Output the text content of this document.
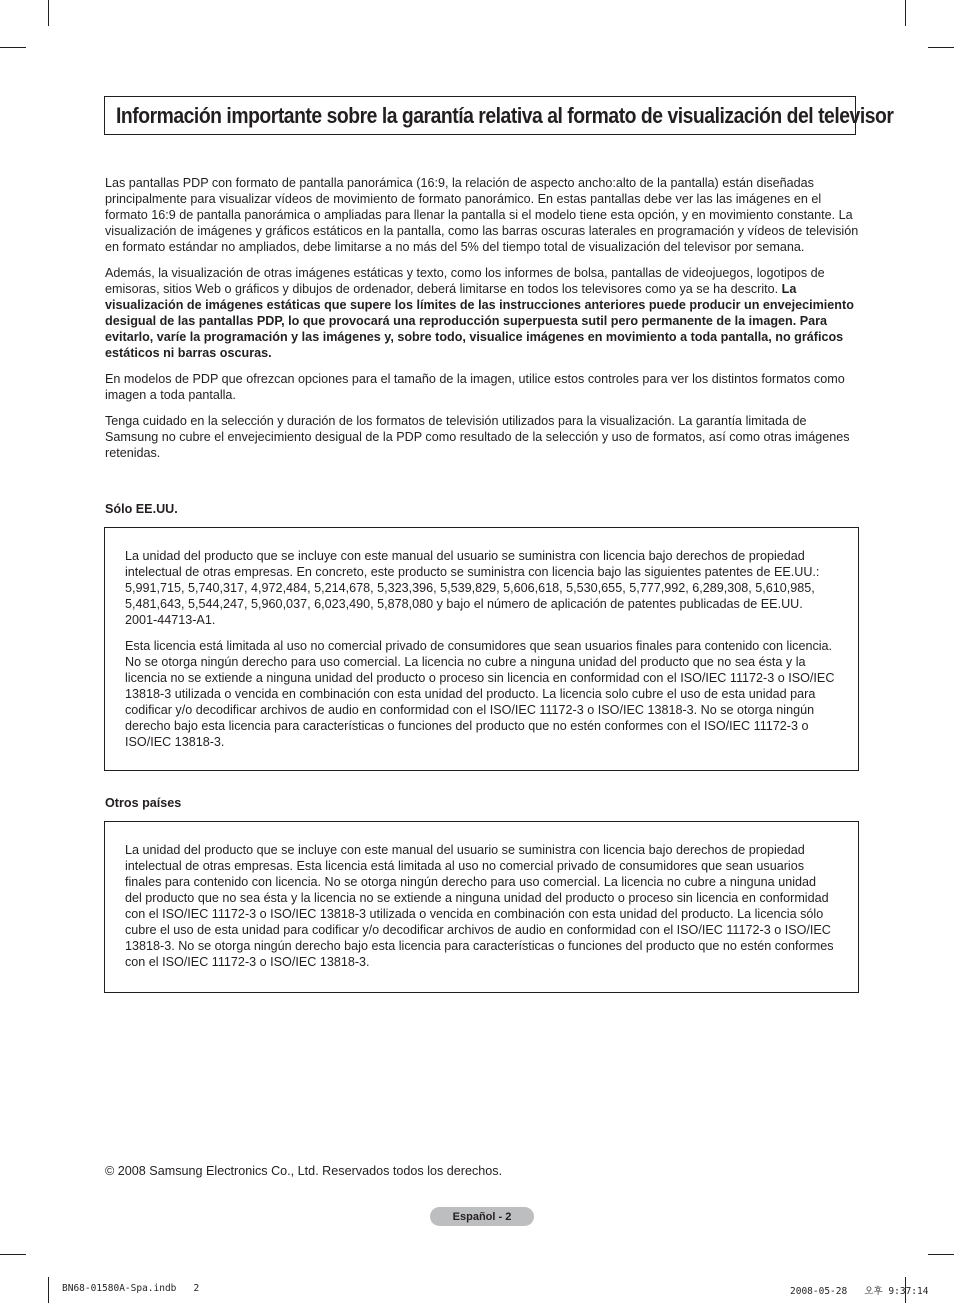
Información importante sobre la garantía relativa al formato de visualización del televisor

Las pantallas PDP con formato de pantalla panorámica (16:9, la relación de aspecto ancho:alto de la pantalla) están diseñadas principalmente para visualizar vídeos de movimiento de formato panorámico. En estas pantallas debe ver las las imágenes en el formato 16:9 de pantalla panorámica o ampliadas para llenar la pantalla si el modelo tiene esta opción, y en movimiento constante. La visualización de imágenes y gráficos estáticos en la pantalla, como las barras oscuras laterales en programación y vídeos de televisión en formato estándar no ampliados, debe limitarse a no más del 5% del tiempo total de visualización del televisor por semana.

Además, la visualización de otras imágenes estáticas y texto, como los informes de bolsa, pantallas de videojuegos, logotipos de emisoras, sitios Web o gráficos y dibujos de ordenador, deberá limitarse en todos los televisores como ya se ha descrito. La visualización de imágenes estáticas que supere los límites de las instrucciones anteriores puede producir un envejecimiento desigual de las pantallas PDP, lo que provocará una reproducción superpuesta sutil pero permanente de la imagen. Para evitarlo, varíe la programación y las imágenes y, sobre todo, visualice imágenes en movimiento a toda pantalla, no gráficos estáticos ni barras oscuras.

En modelos de PDP que ofrezcan opciones para el tamaño de la imagen, utilice estos controles para ver los distintos formatos como imagen a toda pantalla.

Tenga cuidado en la selección y duración de los formatos de televisión utilizados para la visualización. La garantía limitada de Samsung no cubre el envejecimiento desigual de la PDP como resultado de la selección y uso de formatos, así como otras imágenes retenidas.

Sólo EE.UU.

La unidad del producto que se incluye con este manual del usuario se suministra con licencia bajo derechos de propiedad intelectual de otras empresas. En concreto, este producto se suministra con licencia bajo las siguientes patentes de EE.UU.: 5,991,715, 5,740,317, 4,972,484, 5,214,678, 5,323,396, 5,539,829, 5,606,618, 5,530,655, 5,777,992, 6,289,308, 5,610,985, 5,481,643, 5,544,247, 5,960,037, 6,023,490, 5,878,080 y bajo el número de aplicación de patentes publicadas de EE.UU. 2001-44713-A1.

Esta licencia está limitada al uso no comercial privado de consumidores que sean usuarios finales para contenido con licencia. No se otorga ningún derecho para uso comercial. La licencia no cubre a ninguna unidad del producto que no sea ésta y la licencia no se extiende a ninguna unidad del producto o proceso sin licencia en conformidad con el ISO/IEC 11172-3 o ISO/IEC 13818-3 utilizada o vencida en combinación con esta unidad del producto. La licencia solo cubre el uso de esta unidad para codificar y/o decodificar archivos de audio en conformidad con el ISO/IEC 11172-3 o ISO/IEC 13818-3. No se otorga ningún derecho bajo esta licencia para características o funciones del producto que no estén conformes con el ISO/IEC 11172-3 o ISO/IEC 13818-3.

Otros países

La unidad del producto que se incluye con este manual del usuario se suministra con licencia bajo derechos de propiedad intelectual de otras empresas. Esta licencia está limitada al uso no comercial privado de consumidores que sean usuarios finales para contenido con licencia. No se otorga ningún derecho para uso comercial. La licencia no cubre a ninguna unidad del producto que no sea ésta y la licencia no se extiende a ninguna unidad del producto o proceso sin licencia en conformidad con el ISO/IEC 11172-3 o ISO/IEC 13818-3 utilizada o vencida en combinación con esta unidad del producto. La licencia sólo cubre el uso de esta unidad para codificar y/o decodificar archivos de audio en conformidad con el ISO/IEC 11172-3 o ISO/IEC 13818-3. No se otorga ningún derecho bajo esta licencia para características o funciones del producto que no estén conformes con el ISO/IEC 11172-3 o ISO/IEC 13818-3.

© 2008 Samsung Electronics Co., Ltd. Reservados todos los derechos.
Español - 2
BN68-01580A-Spa.indb   2	2008-05-28   오후 9:37:14
